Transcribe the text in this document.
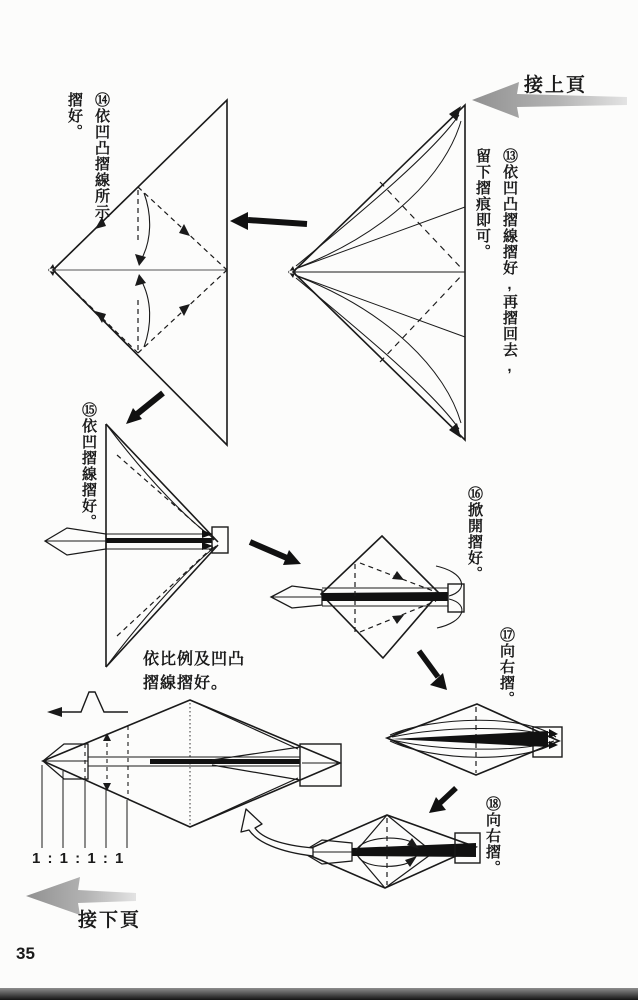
接上頁
⑬依凹凸摺線摺好,再摺回去,
留下摺痕即可。
⑭依凹凸摺線所示
摺好。
⑮依凹摺線摺好。
⑯掀開摺好。
⑰向右摺。
⑱向右摺。
依比例及凹凸
摺線摺好。
1 : 1 : 1 : 1
接下頁
35
